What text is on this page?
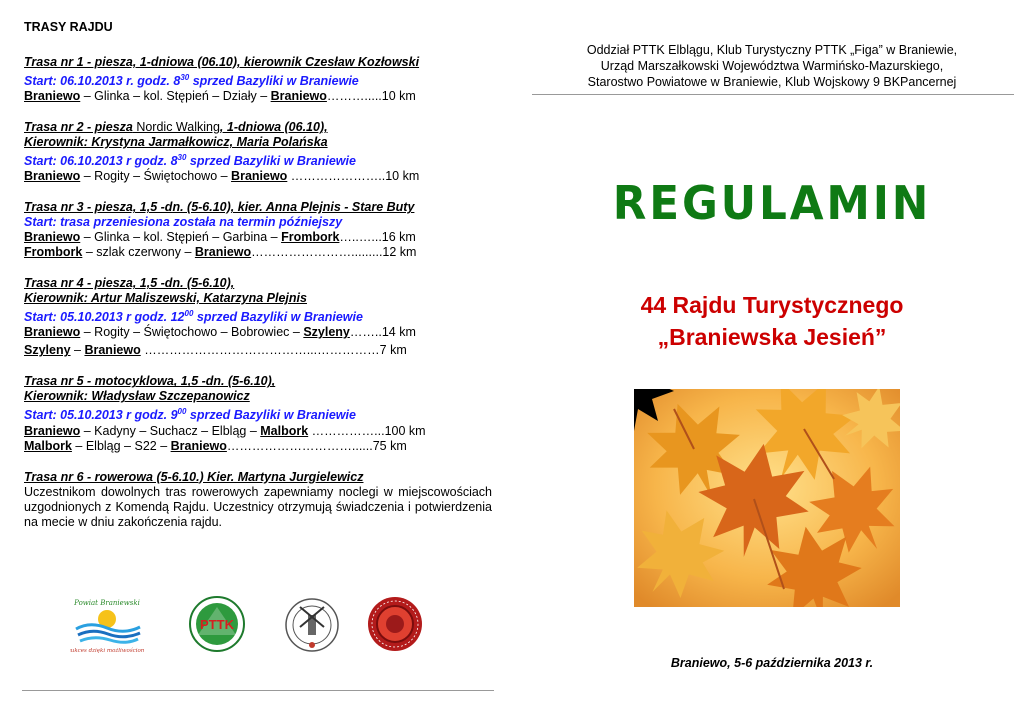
TRASY RAJDU
Trasa nr 1 - piesza, 1-dniowa (06.10), kierownik Czesław Kozłowski
Start: 06.10.2013 r. godz. $8^{30}$ sprzed Bazyliki w Braniewie
Braniewo – Glinka – kol. Stępień – Działy – Braniewo………..... 10 km
Trasa nr 2 - piesza Nordic Walking, 1-dniowa (06.10),
Kierownik: Krystyna Jarmałkowicz, Maria Polańska
Start: 06.10.2013 r godz. $8^{30}$ sprzed Bazyliki w Braniewie
Braniewo – Rogity – Świętochowo – Braniewo ………………….. 10 km
Trasa nr 3 - piesza, 1,5 -dn. (5-6.10), kier. Anna Plejnis - Stare Buty
Start: trasa przeniesiona została na termin późniejszy
Braniewo – Glinka – kol. Stępień – Garbina – Frombork…..…... 16 km
Frombork – szlak czerwony – Braniewo……………………......... 12 km
Trasa nr 4 - piesza, 1,5 -dn. (5-6.10),
Kierownik: Artur Maliszewski, Katarzyna Plejnis
Start: 05.10.2013 r godz. $12^{00}$ sprzed Bazyliki w Braniewie
Braniewo – Rogity – Świętochowo – Bobrowiec – Szyleny…….. 14 km
Szyleny – Braniewo …………………………………...…………… 7 km
Trasa nr 5 - motocyklowa, 1,5 -dn. (5-6.10),
Kierownik: Władysław Szczepanowicz
Start: 05.10.2013 r godz. $9^{00}$ sprzed Bazyliki w Braniewie
Braniewo – Kadyny – Suchacz – Elbląg – Malbork ……………... 100 km
Malbork – Elbląg – S22 – Braniewo…………………………...... 75 km
Trasa nr 6 - rowerowa (5-6.10.) Kier. Martyna Jurgielewicz
Uczestnikom dowolnych tras rowerowych zapewniamy noclegi w miejscowościach uzgodnionych z Komendą Rajdu. Uczestnicy otrzymują świadczenia i potwierdzenia na mecie w dniu zakończenia rajdu.
Powiat Braniewski
sukces dzięki możliwościom
PTTK
Oddział PTTK Elblągu, Klub Turystyczny PTTK „Figa” w Braniewie,
Urząd Marszałkowski Województwa Warmińsko-Mazurskiego,
Starostwo Powiatowe w Braniewie, Klub Wojskowy 9 BKPancernej
REGULAMIN
44 Rajdu Turystycznego
„Braniewska Jesień”
Braniewo, 5-6 października 2013 r.
